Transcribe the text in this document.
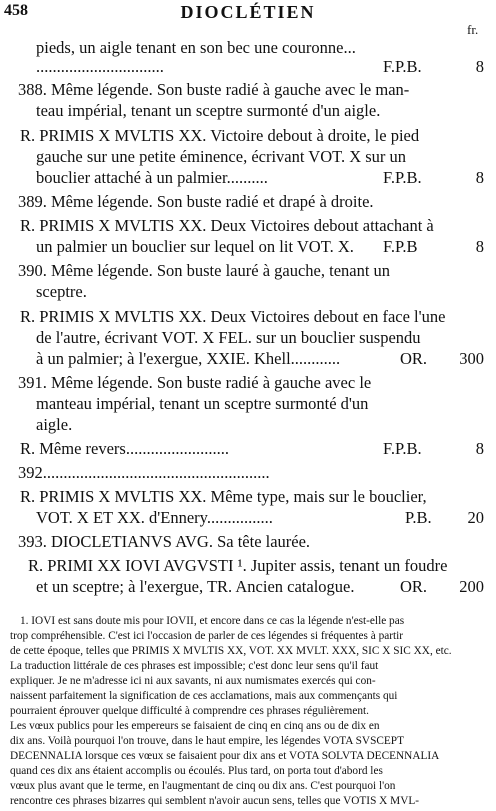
458	DIOCLÉTIEN
fr.
pieds, un aigle tenant en son bec une couronne...
...............................	F.P.B.	8
388. Même légende. Son buste radié à gauche avec le man-
teau impérial, tenant un sceptre surmonté d'un aigle.
R. PRIMIS X MVLTIS XX. Victoire debout à droite, le pied
gauche sur une petite éminence, écrivant VOT. X sur un
bouclier attaché à un palmier..........	F.P.B.	8
389. Même légende. Son buste radié et drapé à droite.
R. PRIMIS X MVLTIS XX. Deux Victoires debout attachant à
un palmier un bouclier sur lequel on lit VOT. X. F.P.B	8
390. Même légende. Son buste lauré à gauche, tenant un
sceptre.
R. PRIMIS X MVLTIS XX. Deux Victoires debout en face l'une
de l'autre, écrivant VOT. X FEL. sur un bouclier suspendu
à un palmier; à l'exergue, XXIE. Khell............	OR.	300
391. Même légende. Son buste radié à gauche avec le
manteau impérial, tenant un sceptre surmonté d'un
aigle.
R. Même revers.........................	F.P.B.	8
392.......................................................
R. PRIMIS X MVLTIS XX. Même type, mais sur le bouclier,
VOT. X ET XX. d'Ennery................	P.B.	20
393. DIOCLETIANVS AVG. Sa tête laurée.
R. PRIMI XX IOVI AVGVSTI ¹. Jupiter assis, tenant un foudre
et un sceptre; à l'exergue, TR. Ancien catalogue.	OR.	200
1. IOVI est sans doute mis pour IOVII, et encore dans ce cas la légende n'est-elle pas
trop compréhensible. C'est ici l'occasion de parler de ces légendes si fréquentes à partir
de cette époque, telles que PRIMIS X MVLTIS XX, VOT. XX MVLT. XXX, SIC X SIC XX, etc.
La traduction littérale de ces phrases est impossible; c'est donc leur sens qu'il faut
expliquer. Je ne m'adresse ici ni aux savants, ni aux numismates exercés qui con-
naissent parfaitement la signification de ces acclamations, mais aux commençants qui
pourraient éprouver quelque difficulté à comprendre ces phrases régulièrement.
Les vœux publics pour les empereurs se faisaient de cinq en cinq ans ou de dix en
dix ans. Voilà pourquoi l'on trouve, dans le haut empire, les légendes VOTA SVSCEPT
DECENNALIA lorsque ces vœux se faisaient pour dix ans et VOTA SOLVTA DECENNALIA
quand ces dix ans étaient accomplis ou écoulés. Plus tard, on porta tout d'abord les
vœux plus avant que le terme, en l'augmentant de cinq ou dix ans. C'est pourquoi l'on
rencontre ces phrases bizarres qui semblent n'avoir aucun sens, telles que VOTIS X MVL-
